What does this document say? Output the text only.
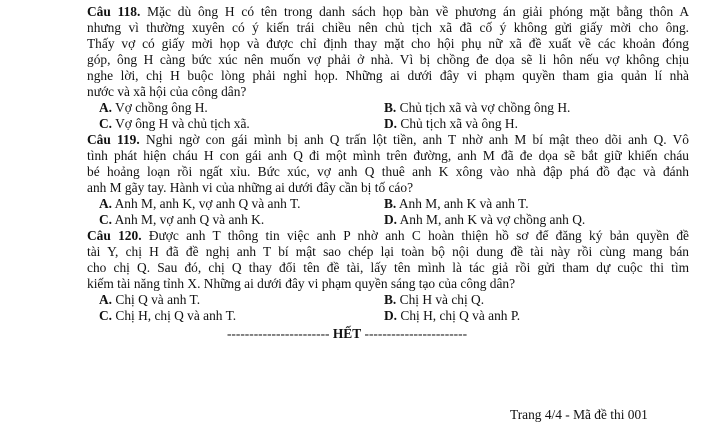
Câu 118. Mặc dù ông H có tên trong danh sách họp bàn về phương án giải phóng mặt bằng thôn A
nhưng vì thường xuyên có ý kiến trái chiều nên chủ tịch xã đã cố ý không gửi giấy mời cho ông.
Thấy vợ có giấy mời họp và được chỉ định thay mặt cho hội phụ nữ xã đề xuất về các khoản đóng
góp, ông H càng bức xúc nên muốn vợ phải ở nhà. Vì bị chồng đe dọa sẽ li hôn nếu vợ không chịu
nghe lời, chị H buộc lòng phải nghỉ họp. Những ai dưới đây vi phạm quyền tham gia quản lí nhà
nước và xã hội của công dân?
A. Vợ chồng ông H.	B. Chủ tịch xã và vợ chồng ông H.
C. Vợ ông H và chủ tịch xã.	D. Chủ tịch xã và ông H.
Câu 119. Nghi ngờ con gái mình bị anh Q trấn lột tiền, anh T nhờ anh M bí mật theo dõi anh Q. Vô
tình phát hiện cháu H con gái anh Q đi một mình trên đường, anh M đã đe dọa sẽ bắt giữ khiến cháu
bé hoảng loạn rồi ngất xỉu. Bức xúc, vợ anh Q thuê anh K xông vào nhà đập phá đồ đạc và đánh
anh M gãy tay. Hành vi của những ai dưới đây cần bị tố cáo?
A. Anh M, anh K, vợ anh Q và anh T.	B. Anh M, anh K và anh T.
C. Anh M, vợ anh Q và anh K.	D. Anh M, anh K và vợ chồng anh Q.
Câu 120. Được anh T thông tin việc anh P nhờ anh C hoàn thiện hồ sơ để đăng ký bản quyền đề
tài Y, chị H đã đề nghị anh T bí mật sao chép lại toàn bộ nội dung đề tài này rồi cùng mang bán
cho chị Q. Sau đó, chị Q thay đổi tên đề tài, lấy tên mình là tác giả rồi gửi tham dự cuộc thi tìm
kiếm tài năng tỉnh X. Những ai dưới đây vi phạm quyền sáng tạo của công dân?
A. Chị Q và anh T.	B. Chị H và chị Q.
C. Chị H, chị Q và anh T.	D. Chị H, chị Q và anh P.
----------------------- HẾT -----------------------
Trang 4/4 - Mã đề thi 001
